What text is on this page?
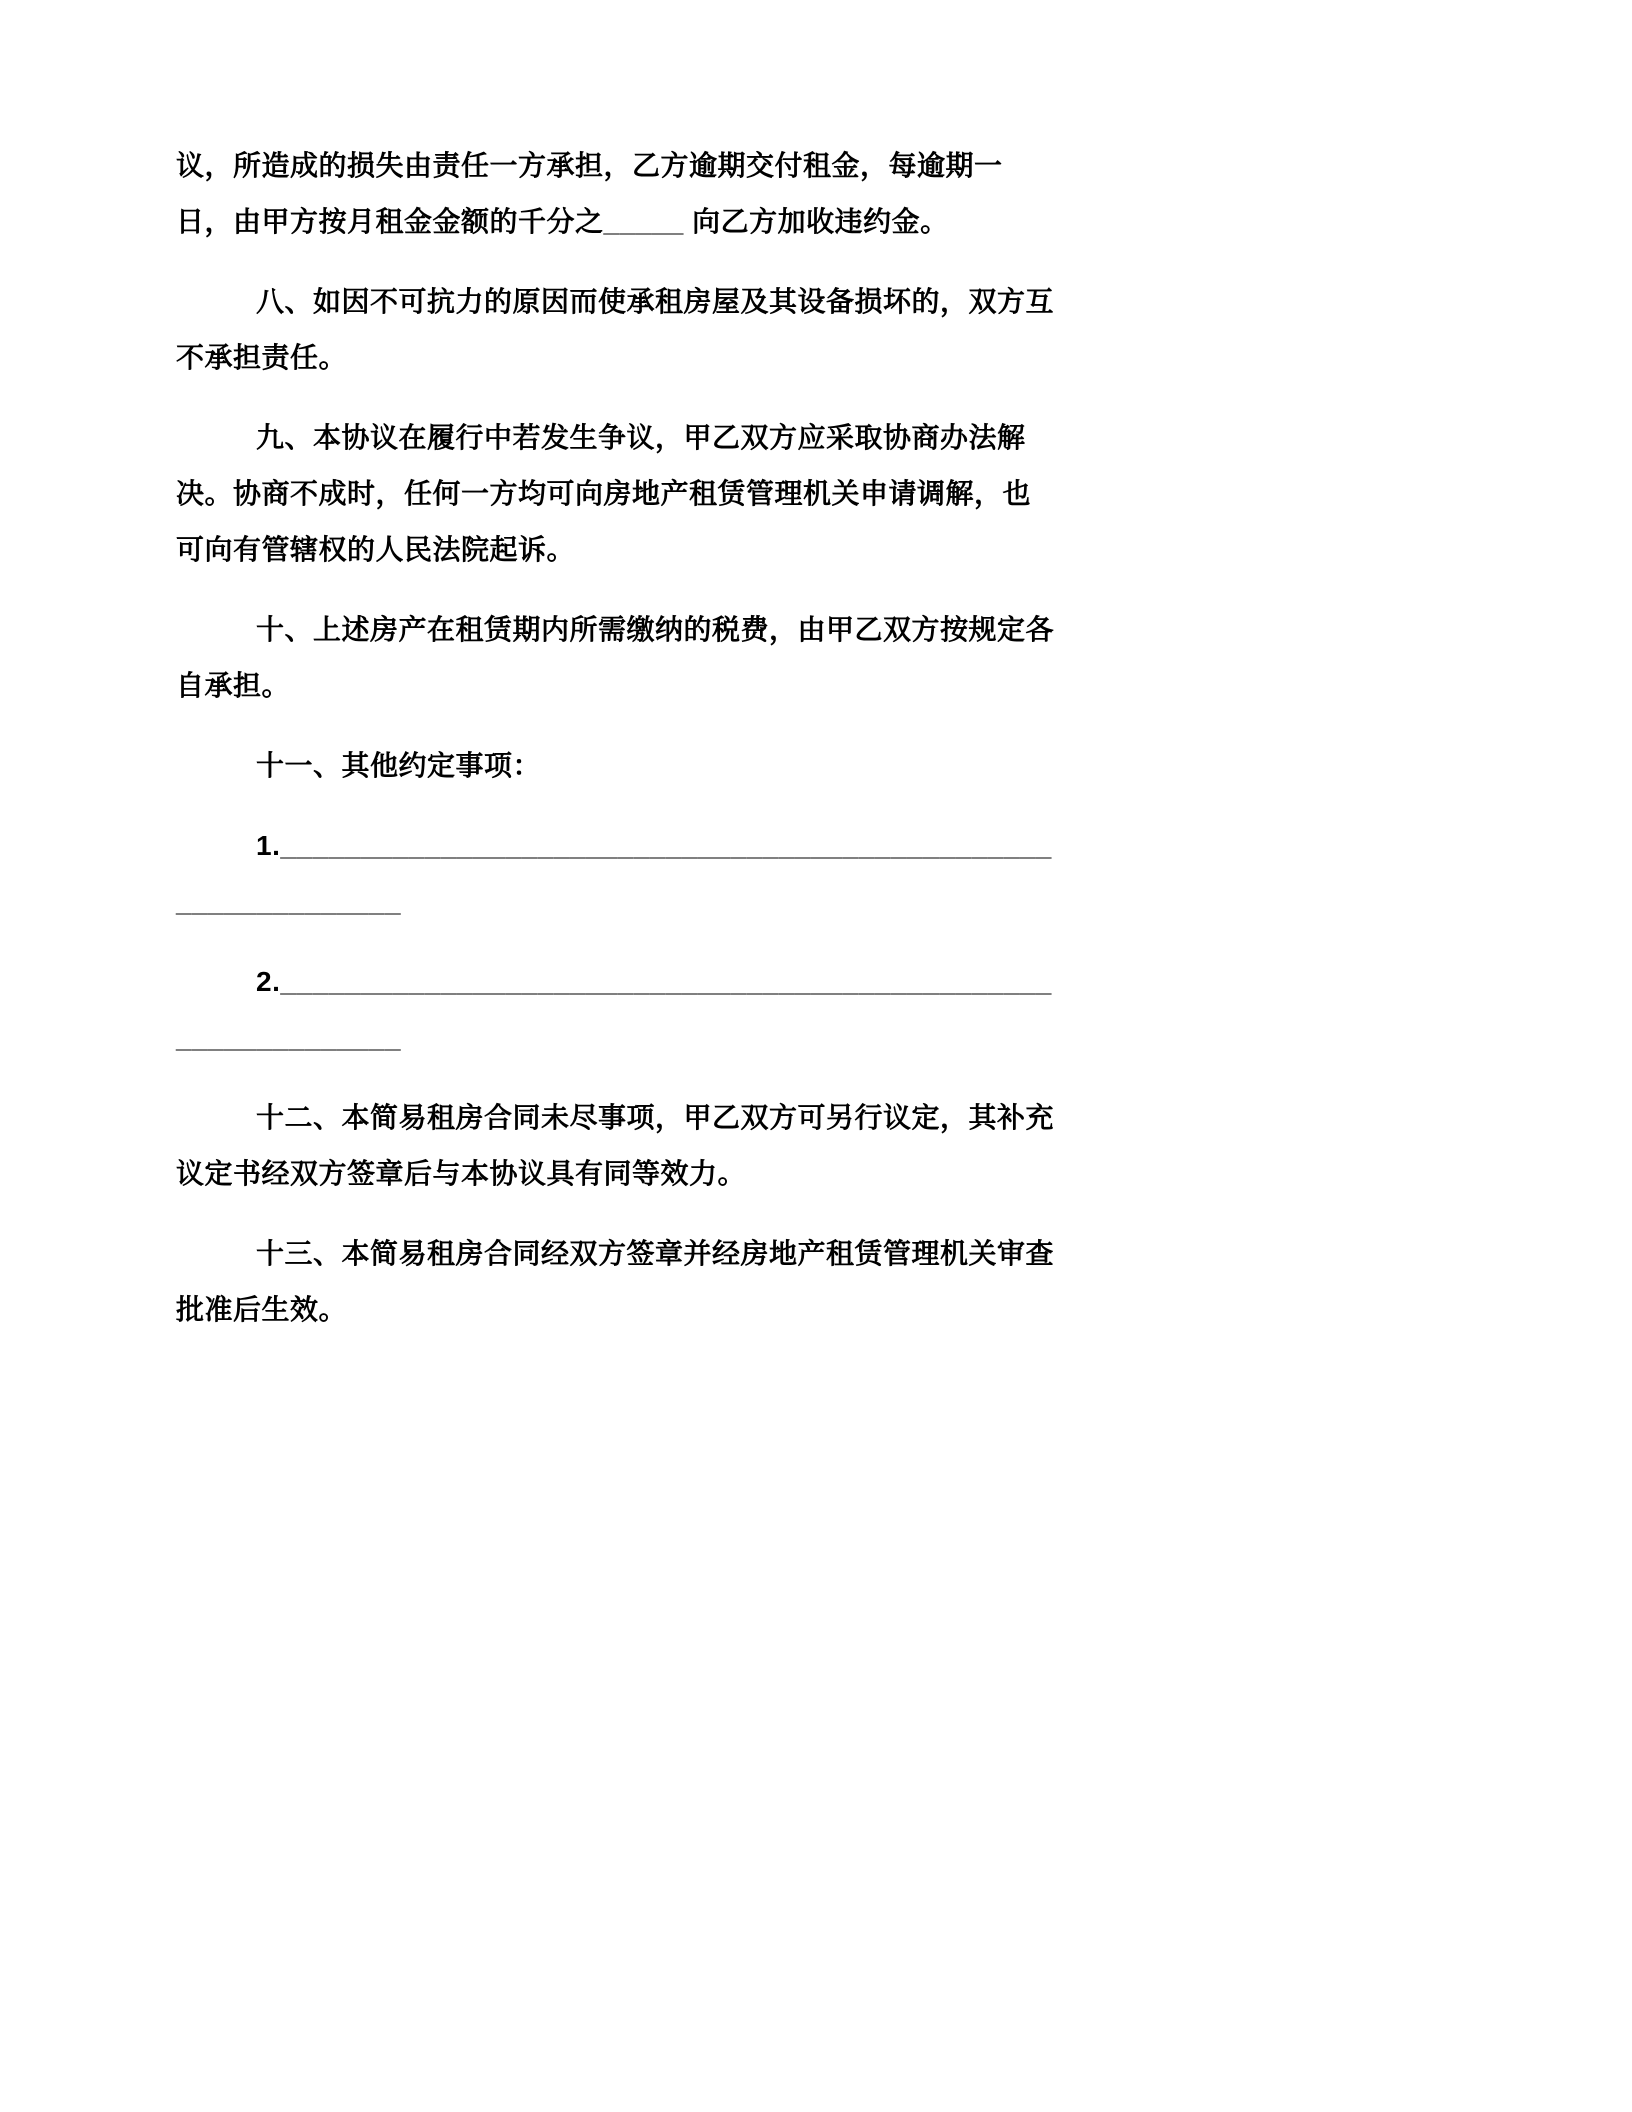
议，所造成的损失由责任一方承担，乙方逾期交付租金，每逾期一日，由甲方按月租金金额的千分之_____ 向乙方加收违约金。

八、如因不可抗力的原因而使承租房屋及其设备损坏的，双方互不承担责任。

九、本协议在履行中若发生争议，甲乙双方应采取协商办法解决。协商不成时，任何一方均可向房地产租赁管理机关申请调解，也可向有管辖权的人民法院起诉。

十、上述房产在租赁期内所需缴纳的税费，由甲乙双方按规定各自承担。

十一、其他约定事项：

1.______________________________________________________________

2.______________________________________________________________

十二、本简易租房合同未尽事项，甲乙双方可另行议定，其补充议定书经双方签章后与本协议具有同等效力。

十三、本简易租房合同经双方签章并经房地产租赁管理机关审查批准后生效。
